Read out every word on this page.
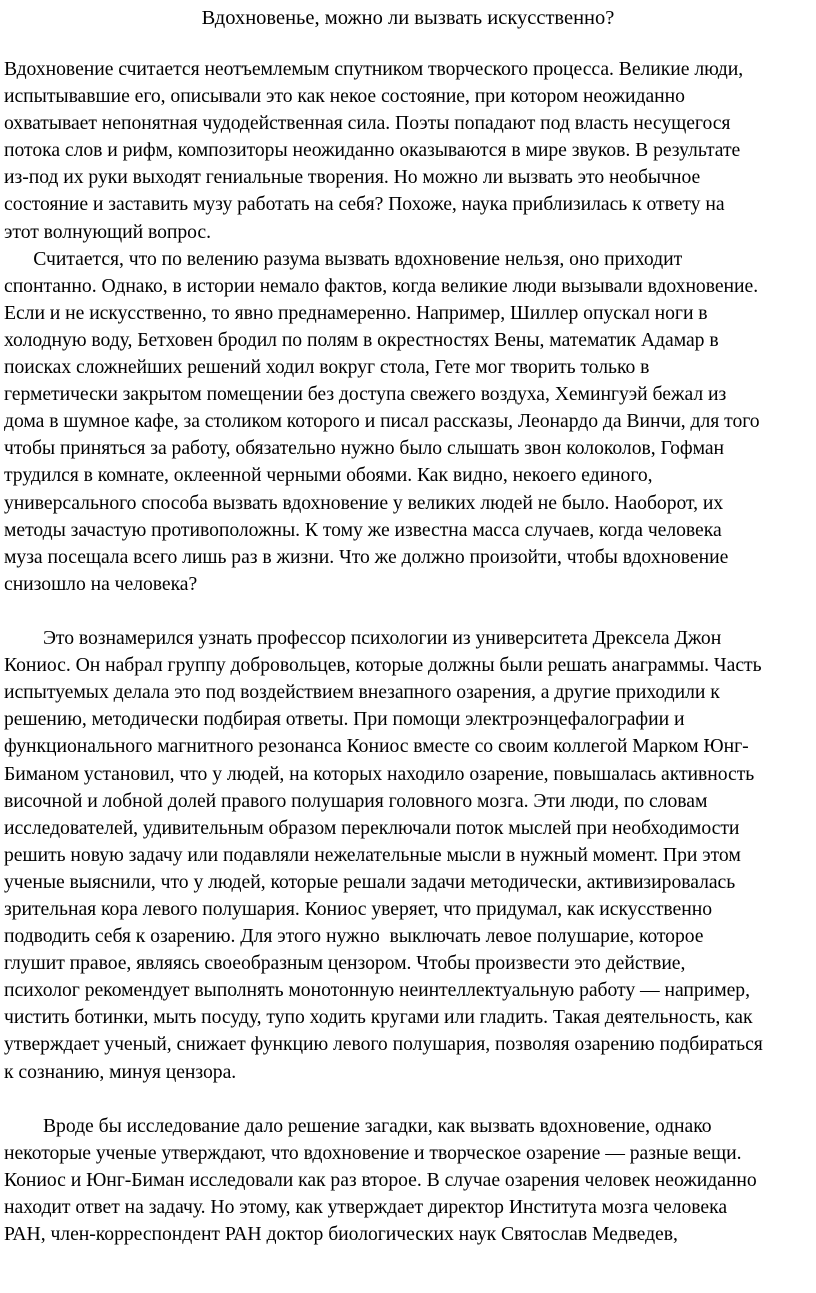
Вдохновенье, можно ли вызвать искусственно?
Вдохновение считается неотъемлемым спутником творческого процесса. Великие люди,
испытывавшие его, описывали это как некое состояние, при котором неожиданно
охватывает непонятная чудодейственная сила. Поэты попадают под власть несущегося
потока слов и рифм, композиторы неожиданно оказываются в мире звуков. В результате
из-под их руки выходят гениальные творения. Но можно ли вызвать это необычное
состояние и заставить музу работать на себя? Похоже, наука приблизилась к ответу на
этот волнующий вопрос.
Считается, что по велению разума вызвать вдохновение нельзя, оно приходит
спонтанно. Однако, в истории немало фактов, когда великие люди вызывали вдохновение.
Если и не искусственно, то явно преднамеренно. Например, Шиллер опускал ноги в
холодную воду, Бетховен бродил по полям в окрестностях Вены, математик Адамар в
поисках сложнейших решений ходил вокруг стола, Гете мог творить только в
герметически закрытом помещении без доступа свежего воздуха, Хемингуэй бежал из
дома в шумное кафе, за столиком которого и писал рассказы, Леонардо да Винчи, для того
чтобы приняться за работу, обязательно нужно было слышать звон колоколов, Гофман
трудился в комнате, оклеенной черными обоями. Как видно, некоего единого,
универсального способа вызвать вдохновение у великих людей не было. Наоборот, их
методы зачастую противоположны. К тому же известна масса случаев, когда человека
муза посещала всего лишь раз в жизни. Что же должно произойти, чтобы вдохновение
снизошло на человека?
Это вознамерился узнать профессор психологии из университета Дрексела Джон
Кониос. Он набрал группу добровольцев, которые должны были решать анаграммы. Часть
испытуемых делала это под воздействием внезапного озарения, а другие приходили к
решению, методически подбирая ответы. При помощи электроэнцефалографии и
функционального магнитного резонанса Кониос вместе со своим коллегой Марком Юнг-
Биманом установил, что у людей, на которых находило озарение, повышалась активность
височной и лобной долей правого полушария головного мозга. Эти люди, по словам
исследователей, удивительным образом переключали поток мыслей при необходимости
решить новую задачу или подавляли нежелательные мысли в нужный момент. При этом
ученые выяснили, что у людей, которые решали задачи методически, активизировалась
зрительная кора левого полушария. Кониос уверяет, что придумал, как искусственно
подводить себя к озарению. Для этого нужно  выключать левое полушарие, которое
глушит правое, являясь своеобразным цензором. Чтобы произвести это действие,
психолог рекомендует выполнять монотонную неинтеллектуальную работу — например,
чистить ботинки, мыть посуду, тупо ходить кругами или гладить. Такая деятельность, как
утверждает ученый, снижает функцию левого полушария, позволяя озарению подбираться
к сознанию, минуя цензора.
Вроде бы исследование дало решение загадки, как вызвать вдохновение, однако
некоторые ученые утверждают, что вдохновение и творческое озарение — разные вещи.
Кониос и Юнг-Биман исследовали как раз второе. В случае озарения человек неожиданно
находит ответ на задачу. Но этому, как утверждает директор Института мозга человека
РАН, член-корреспондент РАН доктор биологических наук Святослав Медведев,
